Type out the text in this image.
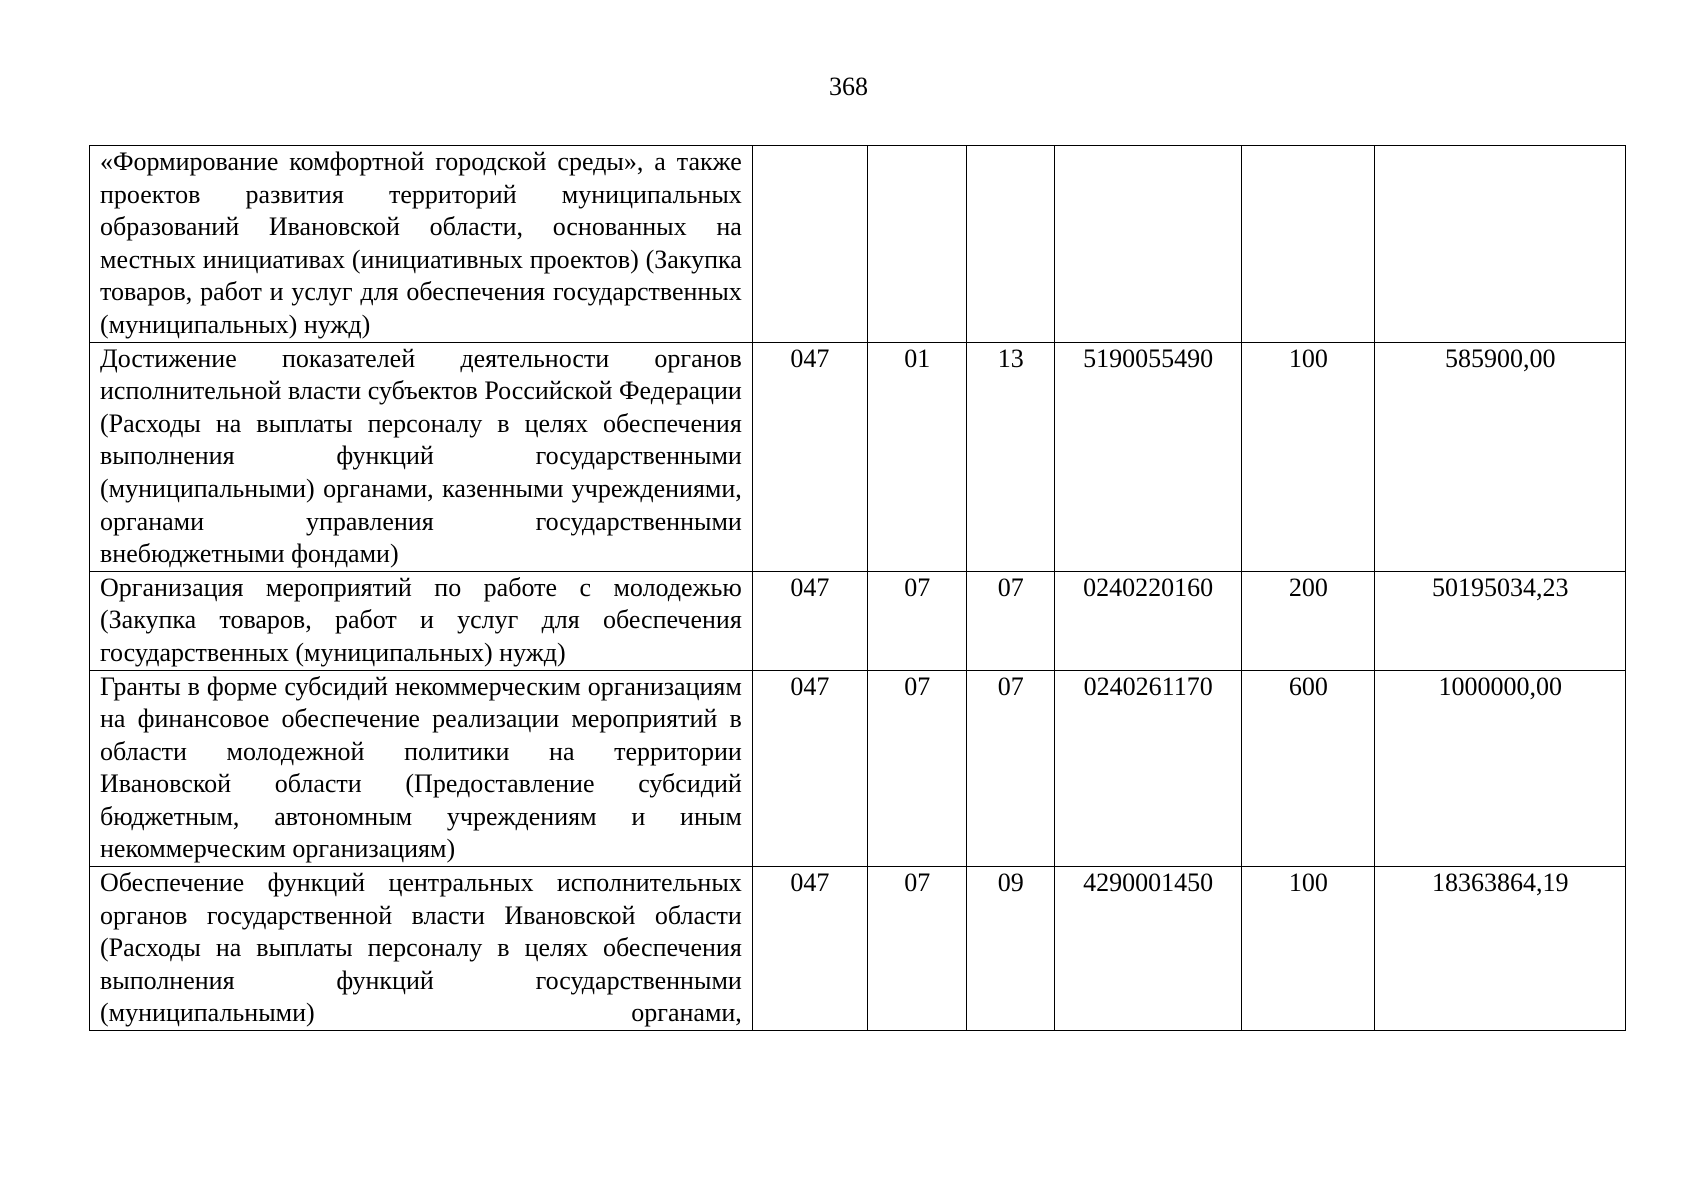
368
«Формирование комфортной городской среды», а также проектов развития территорий муниципальных образований Ивановской области, основанных на местных инициативах (инициативных проектов) (Закупка товаров, работ и услуг для обеспечения государственных (муниципальных) нужд)						
Достижение показателей деятельности органов исполнительной власти субъектов Российской Федерации (Расходы на выплаты персоналу в целях обеспечения выполнения функций государственными (муниципальными) органами, казенными учреждениями, органами управления государственными внебюджетными фондами)	047	01	13	5190055490	100	585900,00
Организация мероприятий по работе с молодежью (Закупка товаров, работ и услуг для обеспечения государственных (муниципальных) нужд)	047	07	07	0240220160	200	50195034,23
Гранты в форме субсидий некоммерческим организациям на финансовое обеспечение реализации мероприятий в области молодежной политики на территории Ивановской области (Предоставление субсидий бюджетным, автономным учреждениям и иным некоммерческим организациям)	047	07	07	0240261170	600	1000000,00
Обеспечение функций центральных исполнительных органов государственной власти Ивановской области (Расходы на выплаты персоналу в целях обеспечения выполнения функций государственными (муниципальными) органами,	047	07	09	4290001450	100	18363864,19
